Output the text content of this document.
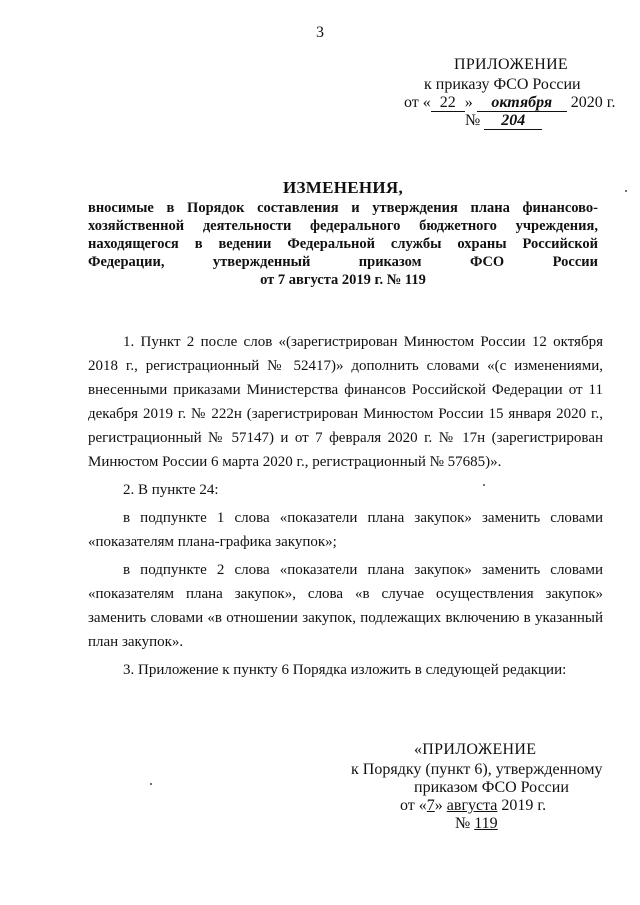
3
ПРИЛОЖЕНИЕ
к приказу ФСО России
от « 22 » октября 2020 г.
№ 204
ИЗМЕНЕНИЯ,
вносимые в Порядок составления и утверждения плана финансово- хозяйственной деятельности федерального бюджетного учреждения, находящегося в ведении Федеральной службы охраны Российской Федерации, утвержденный приказом ФСО России
от 7 августа 2019 г. № 119

1. Пункт 2 после слов «(зарегистрирован Минюстом России 12 октября 2018 г., регистрационный № 52417)» дополнить словами «(с изменениями, внесенными приказами Министерства финансов Российской Федерации от 11 декабря 2019 г. № 222н (зарегистрирован Минюстом России 15 января 2020 г., регистрационный № 57147) и от 7 февраля 2020 г. № 17н (зарегистрирован Минюстом России 6 марта 2020 г., регистрационный № 57685)».

2. В пункте 24:

в подпункте 1 слова «показатели плана закупок» заменить словами «показателям плана-графика закупок»;

в подпункте 2 слова «показатели плана закупок» заменить словами «показателям плана закупок», слова «в случае осуществления закупок» заменить словами «в отношении закупок, подлежащих включению в указанный план закупок».

3. Приложение к пункту 6 Порядка изложить в следующей редакции:

«ПРИЛОЖЕНИЕ
к Порядку (пункт 6), утвержденному
приказом ФСО России
от «7» августа 2019 г.
№ 119
